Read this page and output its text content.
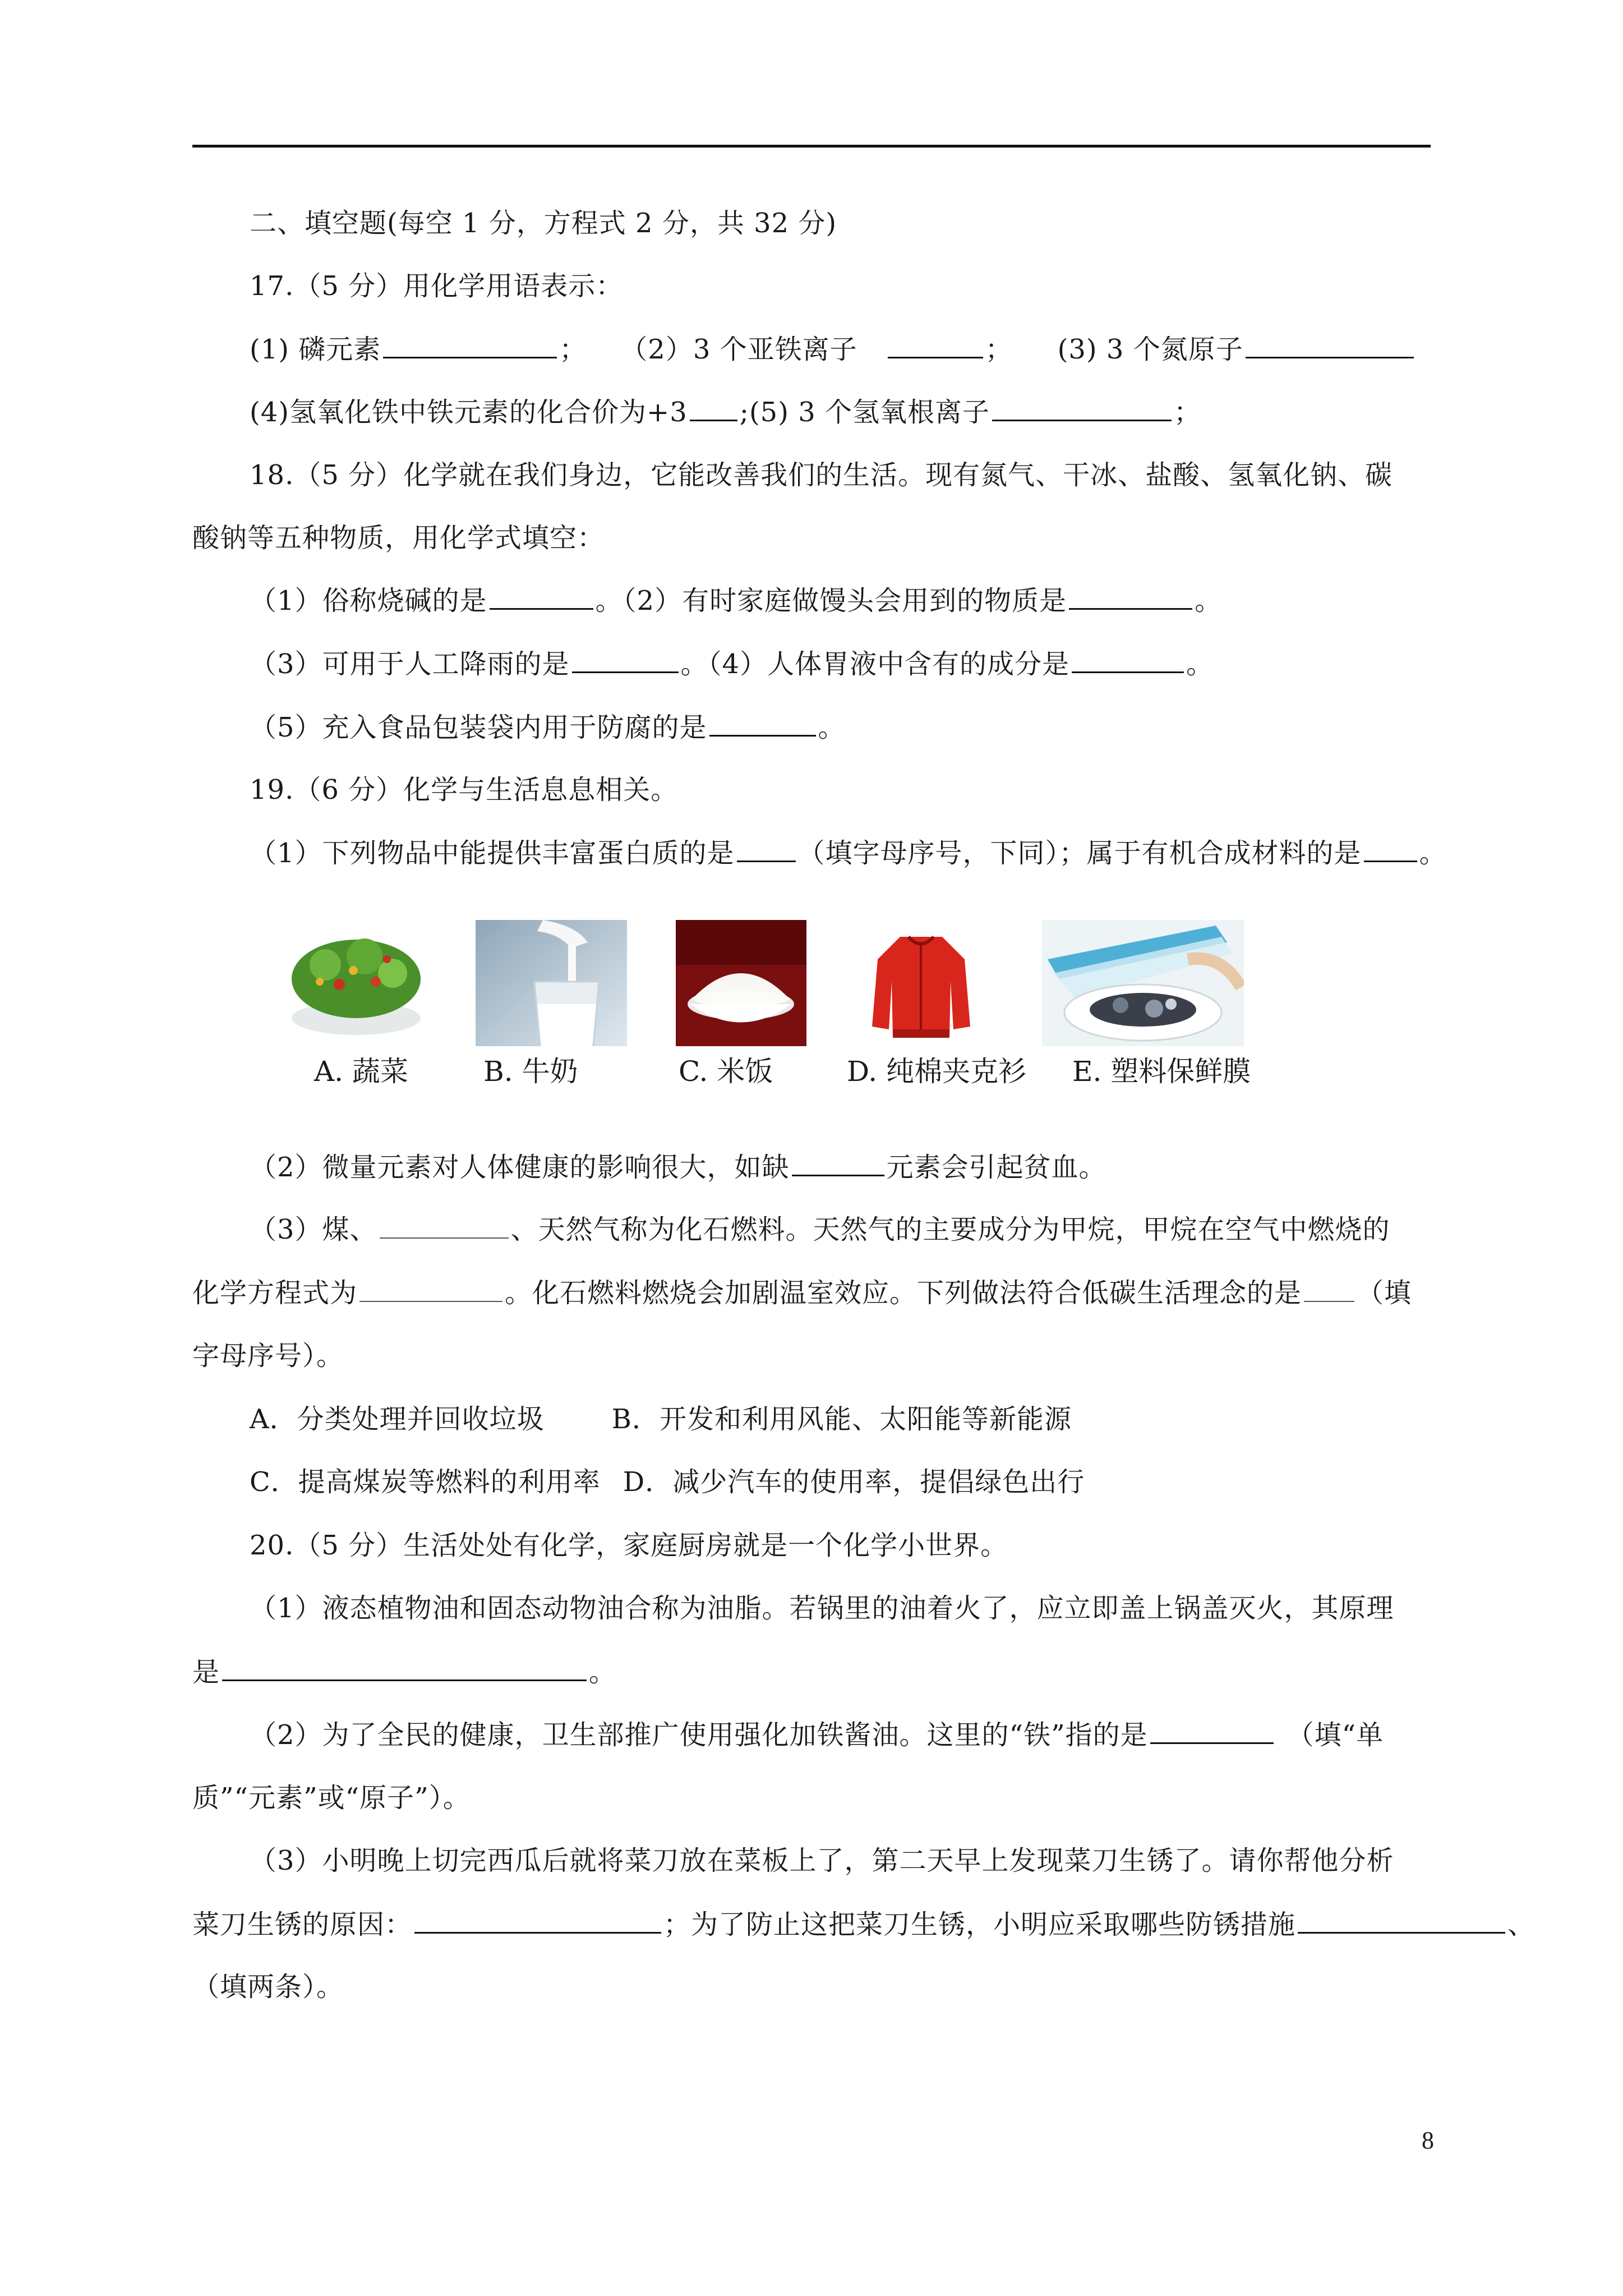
二、填空题(每空 1 分，方程式 2 分，共 32 分)
17.（5 分）用化学用语表示：
(1) 磷元素	； （2）3 个亚铁离子	； (3) 3 个氮原子
(4)氢氧化铁中铁元素的化合价为+3 ;(5) 3 个氢氧根离子	；
18.（5 分）化学就在我们身边，它能改善我们的生活。现有氮气、干冰、盐酸、氢氧化钠、碳
酸钠等五种物质，用化学式填空：
（1）俗称烧碱的是	。（2）有时家庭做馒头会用到的物质是	。
（3）可用于人工降雨的是	。（4）人体胃液中含有的成分是	。
（5）充入食品包装袋内用于防腐的是	。
19.（6 分）化学与生活息息相关。
（1）下列物品中能提供丰富蛋白质的是 （填字母序号，下同）；属于有机合成材料的是 。
A. 蔬菜	B. 牛奶	C. 米饭	D. 纯棉夹克衫 E. 塑料保鲜膜
（2）微量元素对人体健康的影响很大，如缺	元素会引起贫血。
（3）煤、	、天然气称为化石燃料。天然气的主要成分为甲烷，甲烷在空气中燃烧的
化学方程式为	。化石燃料燃烧会加剧温室效应。下列做法符合低碳生活理念的是 （填
字母序号）。
A．分类处理并回收垃圾	B．开发和利用风能、太阳能等新能源
C．提高煤炭等燃料的利用率 D．减少汽车的使用率，提倡绿色出行
20.（5 分）生活处处有化学，家庭厨房就是一个化学小世界。
（1）液态植物油和固态动物油合称为油脂。若锅里的油着火了，应立即盖上锅盖灭火，其原理
是	。
（2）为了全民的健康，卫生部推广使用强化加铁酱油。这里的“铁”指的是	（填“单
质”“元素”或“原子”）。
（3）小明晚上切完西瓜后就将菜刀放在菜板上了，第二天早上发现菜刀生锈了。请你帮他分析
菜刀生锈的原因：	；为了防止这把菜刀生锈，小明应采取哪些防锈措施	、
（填两条）。
8
